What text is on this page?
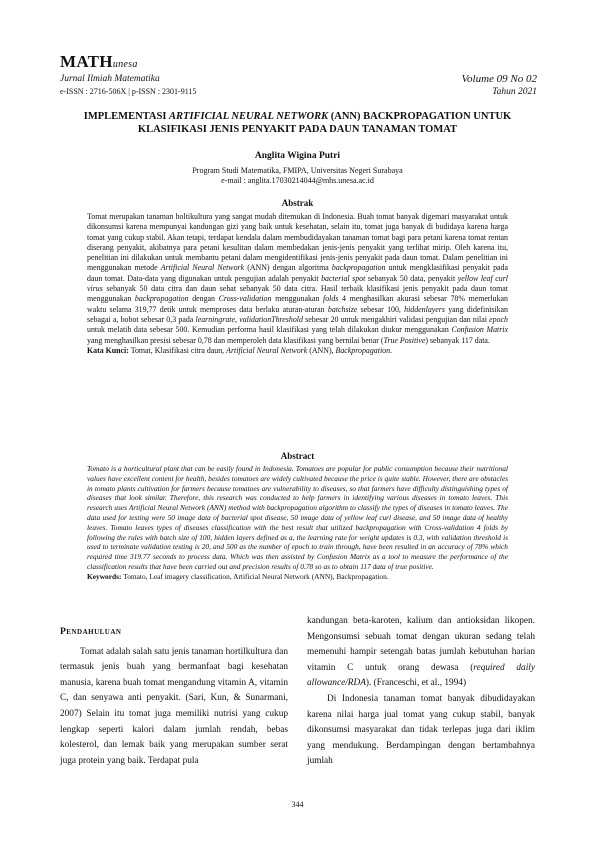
MATHunesa
Jurnal Ilmiah Matematika
e-ISSN : 2716-506X | p-ISSN : 2301-9115
Volume 09 No 02
Tahun 2021
IMPLEMENTASI ARTIFICIAL NEURAL NETWORK (ANN) BACKPROPAGATION UNTUK KLASIFIKASI JENIS PENYAKIT PADA DAUN TANAMAN TOMAT
Anglita Wigina Putri
Program Studi Matematika, FMIPA, Universitas Negeri Surabaya
e-mail : anglita.17030214044@mhs.unesa.ac.id
Abstrak
Tomat merupakan tanaman holtikultura yang sangat mudah ditemukan di Indonesia. Buah tomat banyak digemari masyarakat untuk dikonsumsi karena mempunyai kandungan gizi yang baik untuk kesehatan, selain itu, tomat juga banyak di budidaya karena harga tomat yang cukup stabil. Akan tetapi, terdapat kendala dalam membudidayakan tanaman tomat bagi para petani karena tomat rentan diserang penyakit, akibatnya para petani kesulitan dalam membedakan jenis-jenis penyakit yang terlihat mirip. Oleh karena itu, penelitian ini dilakukan untuk membantu petani dalam mengidentifikasi jenis-jenis penyakit pada daun tomat. Dalam penelitian ini menggunakan metode Artificial Neural Network (ANN) dengan algoritma backpropagation untuk mengklasifikasi penyakit pada daun tomat. Data-data yang digunakan untuk pengujian adalah penyakit bacterial spot sebanyak 50 data, penyakit yellow leaf curl virus sebanyak 50 data citra dan daun sehat sebanyak 50 data citra. Hasil terbaik klasifikasi jenis penyakit pada daun tomat menggunakan backpropagation dengan Cross-validation menggunakan folds 4 menghasilkan akurasi sebesar 78% memerlukan waktu selama 319,77 detik untuk memproses data berlaku aturan-aturan batchsize sebesar 100, hiddenlayers yang didefinisikan sebagai a, bobot sebesar 0,3 pada learningrate, validationThreshold sebesar 20 untuk mengakhiri validasi pengujian dan nilai epoch untuk melatih data sebesar 500. Kemudian performa hasil klasifikasi yang telah dilakukan diukur menggunakan Confusion Matrix yang menghasilkan presisi sebesar 0,78 dan memperoleh data klasifikasi yang bernilai benar (True Positive) sebanyak 117 data.
Kata Kunci: Tomat, Klasifikasi citra daun, Artificial Neural Network (ANN), Backpropagation.
Abstract
Tomato is a horticultural plant that can be easily found in Indonesia. Tomatoes are popular for public consumption because their nutritional values have excellent content for health, besides tomatoes are widely cultivated because the price is quite stable. However, there are obstacles in tomato plants cultivation for farmers because tomatoes are vulnerability to diseases, so that farmers have difficulty distinguishing types of diseases that look similar. Therefore, this research was conducted to help farmers in identifying various diseases in tomato leaves. This research uses Artificial Neural Network (ANN) method with backpropagation algorithm to classify the types of diseases in tomato leaves. The data used for testing were 50 image data of bacterial spot disease, 50 image data of yellow leaf curl disease, and 50 image data of healthy leaves. Tomato leaves types of diseases classification with the best result that utilized backpropagation with Cross-validation 4 folds by following the rules with batch size of 100, hidden layers defined as a, the learning rate for weight updates is 0.3, with validation threshold is used to terminate validation testing is 20, and 500 as the number of epoch to train through, have been resulted in an accuracy of 78% which required time 319.77 seconds to process data. Which was then assisted by Confusion Matrix as a tool to measure the performance of the classification results that have been carried out and precision results of 0.78 so as to obtain 117 data of true positive.
Keywords: Tomato, Leaf imagery classification, Artificial Neural Network (ANN), Backpropagation.

Pendahuluan

Tomat adalah salah satu jenis tanaman hortilkultura dan termasuk jenis buah yang bermanfaat bagi kesehatan manusia, karena buah tomat mengandung vitamin A, vitamin C, dan senyawa anti penyakit. (Sari, Kun, & Sunarmani, 2007) Selain itu tomat juga memiliki nutrisi yang cukup lengkap seperti kalori dalam jumlah rendah, bebas kolesterol, dan lemak baik yang merupakan sumber serat juga protein yang baik. Terdapat pula

kandungan beta-karoten, kalium dan antioksidan likopen. Mengonsumsi sebuah tomat dengan ukuran sedang telah memenuhi hampir setengah batas jumlah kebutuhan harian vitamin C untuk orang dewasa (required daily allowance/RDA). (Franceschi, et al., 1994)

Di Indonesia tanaman tomat banyak dibudidayakan karena nilai harga jual tomat yang cukup stabil, banyak dikonsumsi masyarakat dan tidak terlepas juga dari iklim yang mendukung. Berdampingan dengan bertambahnya jumlah

344
